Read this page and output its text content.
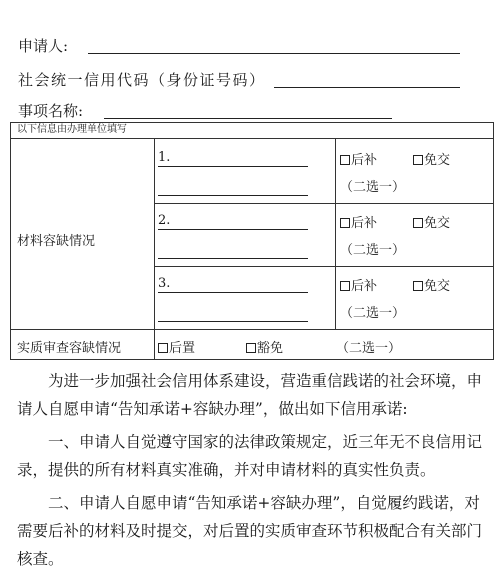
申请人:
社会统一信用代码（身份证号码）
事项名称:
以下信息由办理单位填写
材料容缺情况
1.	后补	免交
（二选一）
2.	后补	免交
（二选一）
3.	后补	免交
（二选一）
实质审查容缺情况	后置	豁免	（二选一）
为进一步加强社会信用体系建设，营造重信践诺的社会环境，申请人自愿申请“告知承诺+容缺办理”，做出如下信用承诺:
一、申请人自觉遵守国家的法律政策规定，近三年无不良信用记录，提供的所有材料真实准确，并对申请材料的真实性负责。
二、申请人自愿申请“告知承诺+容缺办理”，自觉履约践诺，对需要后补的材料及时提交，对后置的实质审查环节积极配合有关部门核查。
